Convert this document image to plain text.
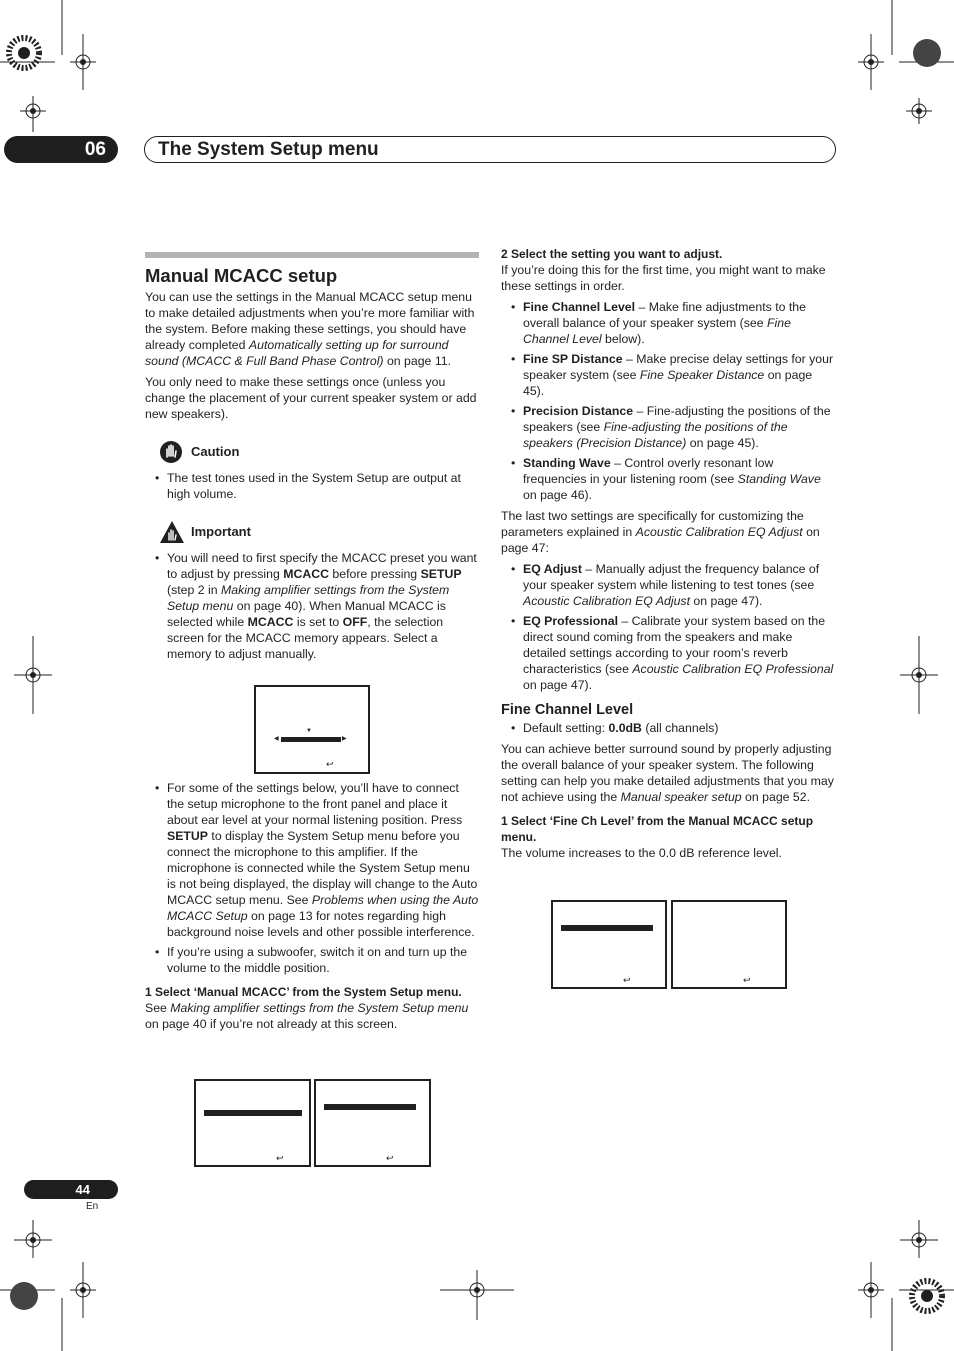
06	The System Setup menu
Manual MCACC setup

You can use the settings in the Manual MCACC setup menu to make detailed adjustments when you’re more familiar with the system. Before making these settings, you should have already completed Automatically setting up for surround sound (MCACC & Full Band Phase Control) on page 11.

You only need to make these settings once (unless you change the placement of your current speaker system or add new speakers).

Caution
• The test tones used in the System Setup are output at high volume.
Important
• You will need to first specify the MCACC preset you want to adjust by pressing MCACC before pressing SETUP (step 2 in Making amplifier settings from the System Setup menu on page 40). When Manual MCACC is selected while MCACC is set to OFF, the selection screen for the MCACC memory appears. Select a memory to adjust manually.
▼
◀	▶
↩
• For some of the settings below, you’ll have to connect the setup microphone to the front panel and place it about ear level at your normal listening position. Press SETUP to display the System Setup menu before you connect the microphone to this amplifier. If the microphone is connected while the System Setup menu is not being displayed, the display will change to the Auto MCACC setup menu. See Problems when using the Auto MCACC Setup on page 13 for notes regarding high background noise levels and other possible interference.
• If you’re using a subwoofer, switch it on and turn up the volume to the middle position.
1 Select ‘Manual MCACC’ from the System Setup menu.

See Making amplifier settings from the System Setup menu on page 40 if you’re not already at this screen.

↩	↩
2 Select the setting you want to adjust.

If you’re doing this for the first time, you might want to make these settings in order.

• Fine Channel Level – Make fine adjustments to the overall balance of your speaker system (see Fine Channel Level below).
• Fine SP Distance – Make precise delay settings for your speaker system (see Fine Speaker Distance on page 45).
• Precision Distance – Fine-adjusting the positions of the speakers (see Fine-adjusting the positions of the speakers (Precision Distance) on page 45).
• Standing Wave – Control overly resonant low frequencies in your listening room (see Standing Wave on page 46).

The last two settings are specifically for customizing the parameters explained in Acoustic Calibration EQ Adjust on page 47:

• EQ Adjust – Manually adjust the frequency balance of your speaker system while listening to test tones (see Acoustic Calibration EQ Adjust on page 47).
• EQ Professional – Calibrate your system based on the direct sound coming from the speakers and make detailed settings according to your room’s reverb characteristics (see Acoustic Calibration EQ Professional on page 47).
Fine Channel Level
• Default setting: 0.0dB (all channels)

You can achieve better surround sound by properly adjusting the overall balance of your speaker system. The following setting can help you make detailed adjustments that you may not achieve using the Manual speaker setup on page 52.

1 Select ‘Fine Ch Level’ from the Manual MCACC setup menu.

The volume increases to the 0.0 dB reference level.

↩	↩
44
En
